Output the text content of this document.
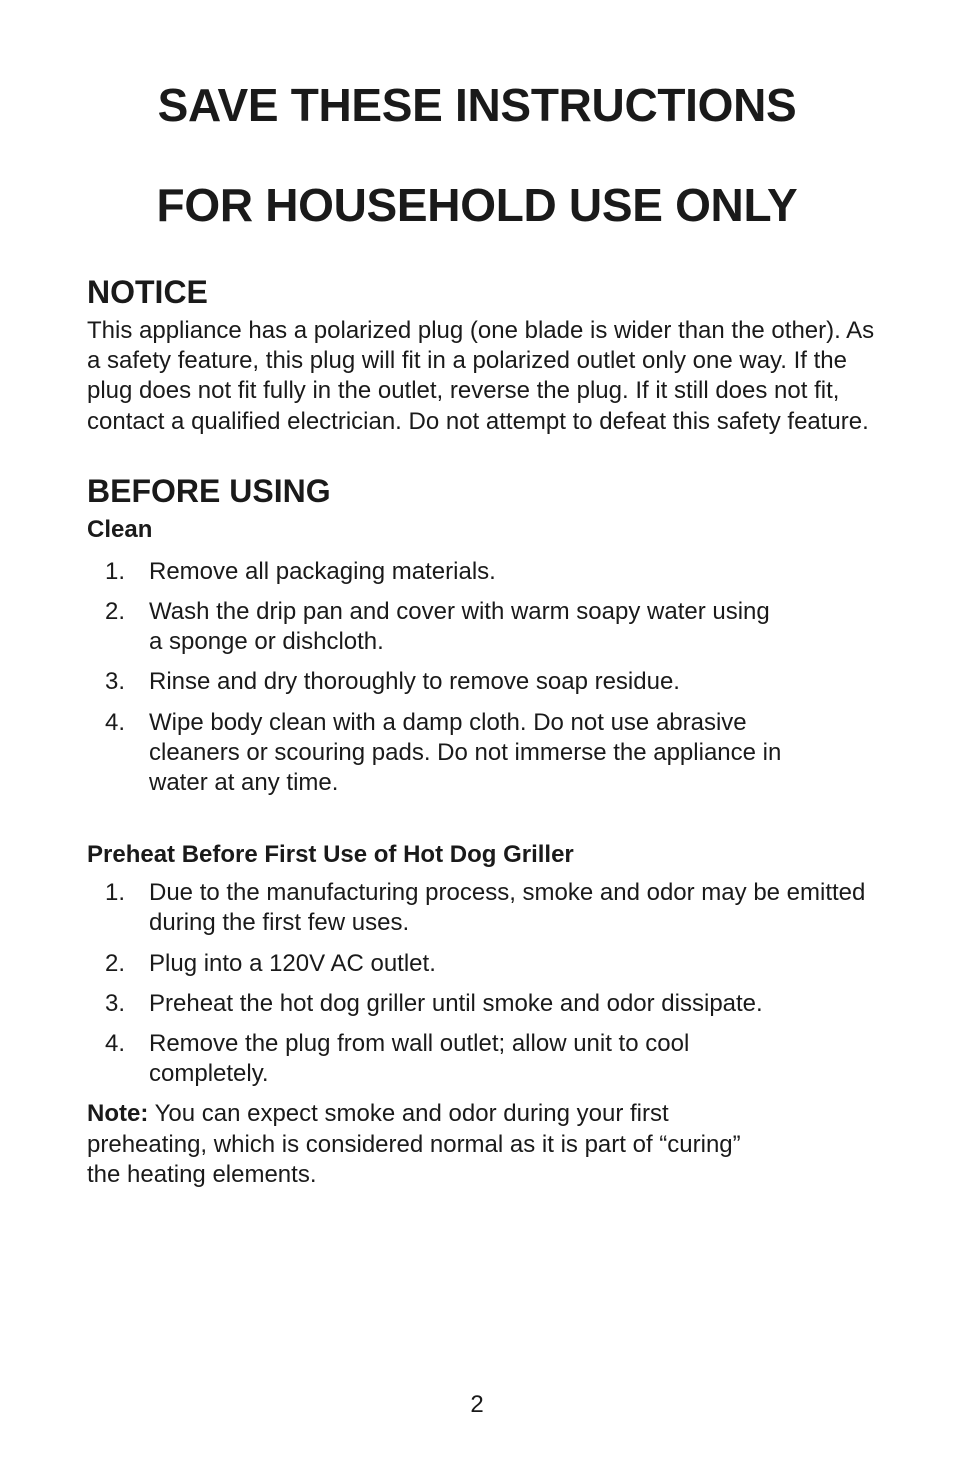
SAVE THESE INSTRUCTIONS
FOR HOUSEHOLD USE ONLY
NOTICE

This appliance has a polarized plug (one blade is wider than the other). As a safety feature, this plug will fit in a polarized outlet only one way. If the plug does not fit fully in the outlet, reverse the plug. If it still does not fit, contact a qualified electrician. Do not attempt to defeat this safety feature.

BEFORE USING
Clean
1. Remove all packaging materials.
2. Wash the drip pan and cover with warm soapy water using a sponge or dishcloth.
3. Rinse and dry thoroughly to remove soap residue.
4. Wipe body clean with a damp cloth. Do not use abrasive cleaners or scouring pads. Do not immerse the appliance in water at any time.
Preheat Before First Use of Hot Dog Griller
1. Due to the manufacturing process, smoke and odor may be emitted during the first few uses.
2. Plug into a 120V AC outlet.
3. Preheat the hot dog griller until smoke and odor dissipate.
4. Remove the plug from wall outlet; allow unit to cool completely.

Note: You can expect smoke and odor during your first preheating, which is considered normal as it is part of “curing” the heating elements.

2
